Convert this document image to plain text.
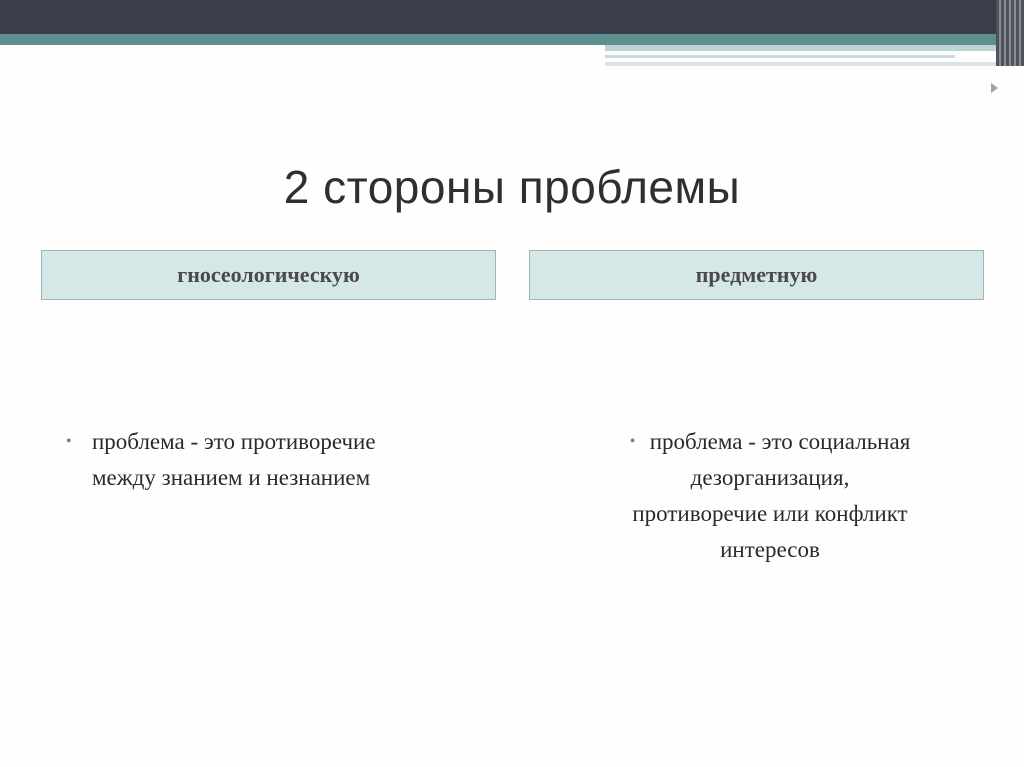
2 стороны проблемы
гносеологическую	предметную
• проблема - это противоречие
между знанием и незнанием
• проблема - это социальная
дезорганизация,
противоречие или конфликт
интересов
